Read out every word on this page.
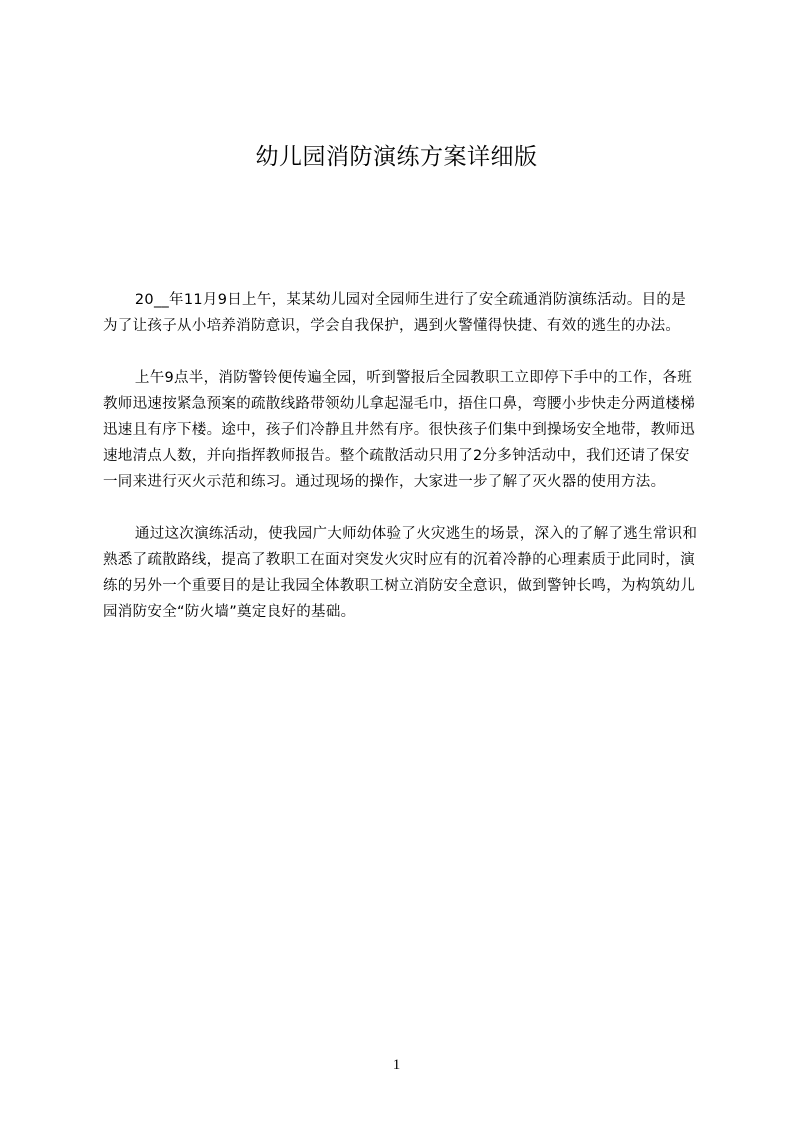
幼儿园消防演练方案详细版

20__年11月9日上午，某某幼儿园对全园师生进行了安全疏通消防演练活动。目的是为了让孩子从小培养消防意识，学会自我保护，遇到火警懂得快捷、有效的逃生的办法。

上午9点半，消防警铃便传遍全园，听到警报后全园教职工立即停下手中的工作，各班教师迅速按紧急预案的疏散线路带领幼儿拿起湿毛巾，捂住口鼻，弯腰小步快走分两道楼梯迅速且有序下楼。途中，孩子们冷静且井然有序。很快孩子们集中到操场安全地带，教师迅速地清点人数，并向指挥教师报告。整个疏散活动只用了2分多钟活动中，我们还请了保安一同来进行灭火示范和练习。通过现场的操作，大家进一步了解了灭火器的使用方法。

通过这次演练活动，使我园广大师幼体验了火灾逃生的场景，深入的了解了逃生常识和熟悉了疏散路线，提高了教职工在面对突发火灾时应有的沉着冷静的心理素质于此同时，演练的另外一个重要目的是让我园全体教职工树立消防安全意识，做到警钟长鸣，为构筑幼儿园消防安全“防火墙”奠定良好的基础。

1
